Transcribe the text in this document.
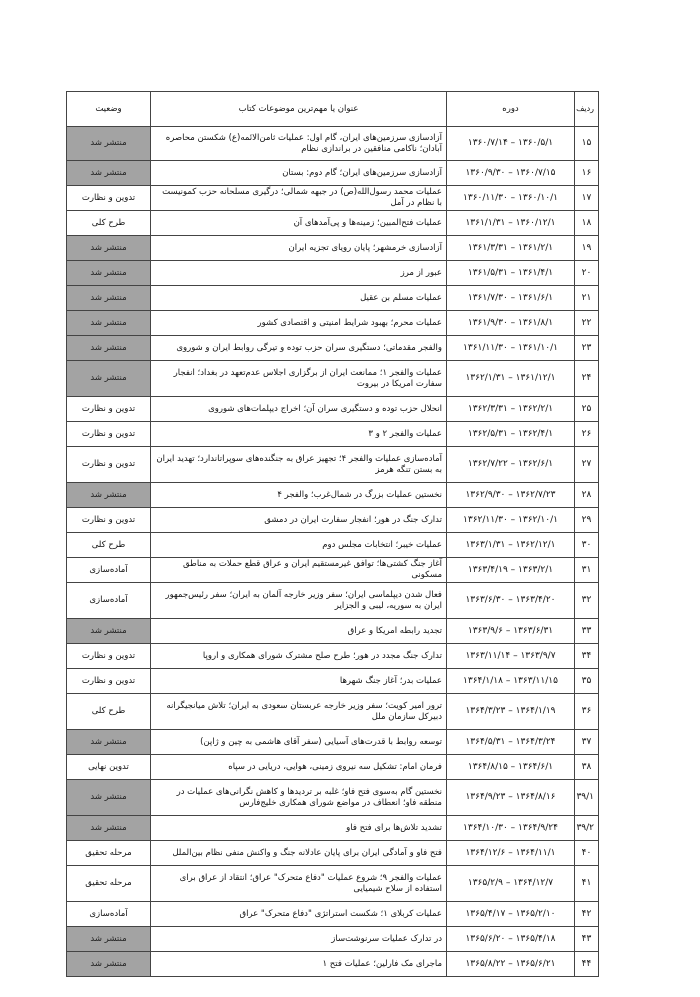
ردیف	دوره	عنوان یا مهم‌ترین موضوعات کتاب	وضعیت
۱۵	۱۳۶۰/۵/۱ – ۱۳۶۰/۷/۱۴	آزادسازی سرزمین‌های ایران، گام اول: عملیات ثامن‌الائمه(ع) شکستن محاصره آبادان؛ ناکامی منافقین در براندازی نظام	منتشر شد
۱۶	۱۳۶۰/۷/۱۵ – ۱۳۶۰/۹/۳۰	آزادسازی سرزمین‌های ایران؛ گام دوم: بستان	منتشر شد
۱۷	۱۳۶۰/۱۰/۱ – ۱۳۶۰/۱۱/۳۰	عملیات محمد رسول‌الله(ص) در جبهه شمالی؛ درگیری مسلحانه حزب کمونیست با نظام در آمل	تدوین و نظارت
۱۸	۱۳۶۰/۱۲/۱ – ۱۳۶۱/۱/۳۱	عملیات فتح‌المبین؛ زمینه‌ها و پی‌آمدهای آن	طرح کلی
۱۹	۱۳۶۱/۲/۱ – ۱۳۶۱/۳/۳۱	آزادسازی خرمشهر؛ پایان رویای تجزیه ایران	منتشر شد
۲۰	۱۳۶۱/۴/۱ – ۱۳۶۱/۵/۳۱	عبور از مرز	منتشر شد
۲۱	۱۳۶۱/۶/۱ – ۱۳۶۱/۷/۳۰	عملیات مسلم بن عقیل	منتشر شد
۲۲	۱۳۶۱/۸/۱ – ۱۳۶۱/۹/۳۰	عملیات محرم؛ بهبود شرایط امنیتی و اقتصادی کشور	منتشر شد
۲۳	۱۳۶۱/۱۰/۱ – ۱۳۶۱/۱۱/۳۰	والفجر مقدماتی؛ دستگیری سران حزب توده و تیرگی روابط ایران و شوروی	منتشر شد
۲۴	۱۳۶۱/۱۲/۱ – ۱۳۶۲/۱/۳۱	عملیات والفجر ۱؛ ممانعت ایران از برگزاری اجلاس عدم‌تعهد در بغداد؛ انفجار سفارت امریکا در بیروت	منتشر شد
۲۵	۱۳۶۲/۲/۱ – ۱۳۶۲/۳/۳۱	انحلال حزب توده و دستگیری سران آن؛ اخراج دیپلمات‌های شوروی	تدوین و نظارت
۲۶	۱۳۶۲/۴/۱ – ۱۳۶۲/۵/۳۱	عملیات والفجر ۲ و ۳	تدوین و نظارت
۲۷	۱۳۶۲/۶/۱ – ۱۳۶۲/۷/۲۲	آماده‌سازی عملیات والفجر ۴؛ تجهیز عراق به جنگنده‌های سوپراتاندارد؛ تهدید ایران به بستن تنگه هرمز	تدوین و نظارت
۲۸	۱۳۶۲/۷/۲۳ – ۱۳۶۲/۹/۳۰	نخستین عملیات بزرگ در شمال‌غرب؛ والفجر ۴	منتشر شد
۲۹	۱۳۶۲/۱۰/۱ – ۱۳۶۲/۱۱/۳۰	تدارک جنگ در هور؛ انفجار سفارت ایران در دمشق	تدوین و نظارت
۳۰	۱۳۶۲/۱۲/۱ – ۱۳۶۳/۱/۳۱	عملیات خیبر؛ انتخابات مجلس دوم	طرح کلی
۳۱	۱۳۶۳/۲/۱ – ۱۳۶۳/۴/۱۹	آغاز جنگ کشتی‌ها؛ توافق غیرمستقیم ایران و عراق قطع حملات به مناطق مسکونی	آماده‌سازی
۳۲	۱۳۶۳/۴/۲۰ – ۱۳۶۳/۶/۳۰	فعال شدن دیپلماسی ایران؛ سفر وزیر خارجه آلمان به ایران؛ سفر رئیس‌جمهور ایران به سوریه، لیبی و الجزایر	آماده‌سازی
۳۳	۱۳۶۳/۶/۳۱ – ۱۳۶۳/۹/۶	تجدید رابطه امریکا و عراق	منتشر شد
۳۴	۱۳۶۳/۹/۷ – ۱۳۶۳/۱۱/۱۴	تدارک جنگ مجدد در هور؛ طرح صلح مشترک شورای همکاری و اروپا	تدوین و نظارت
۳۵	۱۳۶۳/۱۱/۱۵ – ۱۳۶۴/۱/۱۸	عملیات بدر؛ آغاز جنگ شهرها	تدوین و نظارت
۳۶	۱۳۶۴/۱/۱۹ – ۱۳۶۴/۳/۲۳	ترور امیر کویت؛ سفر وزیر خارجه عربستان سعودی به ایران؛ تلاش میانجیگرانه دبیرکل سازمان ملل	طرح کلی
۳۷	۱۳۶۴/۳/۲۴ – ۱۳۶۴/۵/۳۱	توسعه روابط با قدرت‌های آسیایی (سفر آقای هاشمی به چین و ژاپن)	منتشر شد
۳۸	۱۳۶۴/۶/۱ – ۱۳۶۴/۸/۱۵	فرمان امام: تشکیل سه نیروی زمینی، هوایی، دریایی در سپاه	تدوین نهایی
۳۹/۱	۱۳۶۴/۸/۱۶ – ۱۳۶۴/۹/۲۳	نخستین گام به‌سوی فتح فاو؛ غلبه بر تردیدها و کاهش نگرانی‌های عملیات در منطقه فاو؛ انعطاف در مواضع شورای همکاری خلیج‌فارس	منتشر شد
۳۹/۲	۱۳۶۴/۹/۲۴ – ۱۳۶۴/۱۰/۳۰	تشدید تلاش‌ها برای فتح فاو	منتشر شد
۴۰	۱۳۶۴/۱۱/۱ – ۱۳۶۴/۱۲/۶	فتح فاو و آمادگی ایران برای پایان عادلانه جنگ و واکنش منفی نظام بین‌الملل	مرحله تحقیق
۴۱	۱۳۶۴/۱۲/۷ – ۱۳۶۵/۲/۹	عملیات والفجر ۹؛ شروع عملیات "دفاع متحرک" عراق؛ انتقاد از عراق برای استفاده از سلاح شیمیایی	مرحله تحقیق
۴۲	۱۳۶۵/۲/۱۰ – ۱۳۶۵/۴/۱۷	عملیات کربلای ۱؛ شکست استراتژی "دفاع متحرک" عراق	آماده‌سازی
۴۳	۱۳۶۵/۴/۱۸ – ۱۳۶۵/۶/۲۰	در تدارک عملیات سرنوشت‌ساز	منتشر شد
۴۴	۱۳۶۵/۶/۲۱ – ۱۳۶۵/۸/۲۲	ماجرای مک فارلین؛ عملیات فتح ۱	منتشر شد
